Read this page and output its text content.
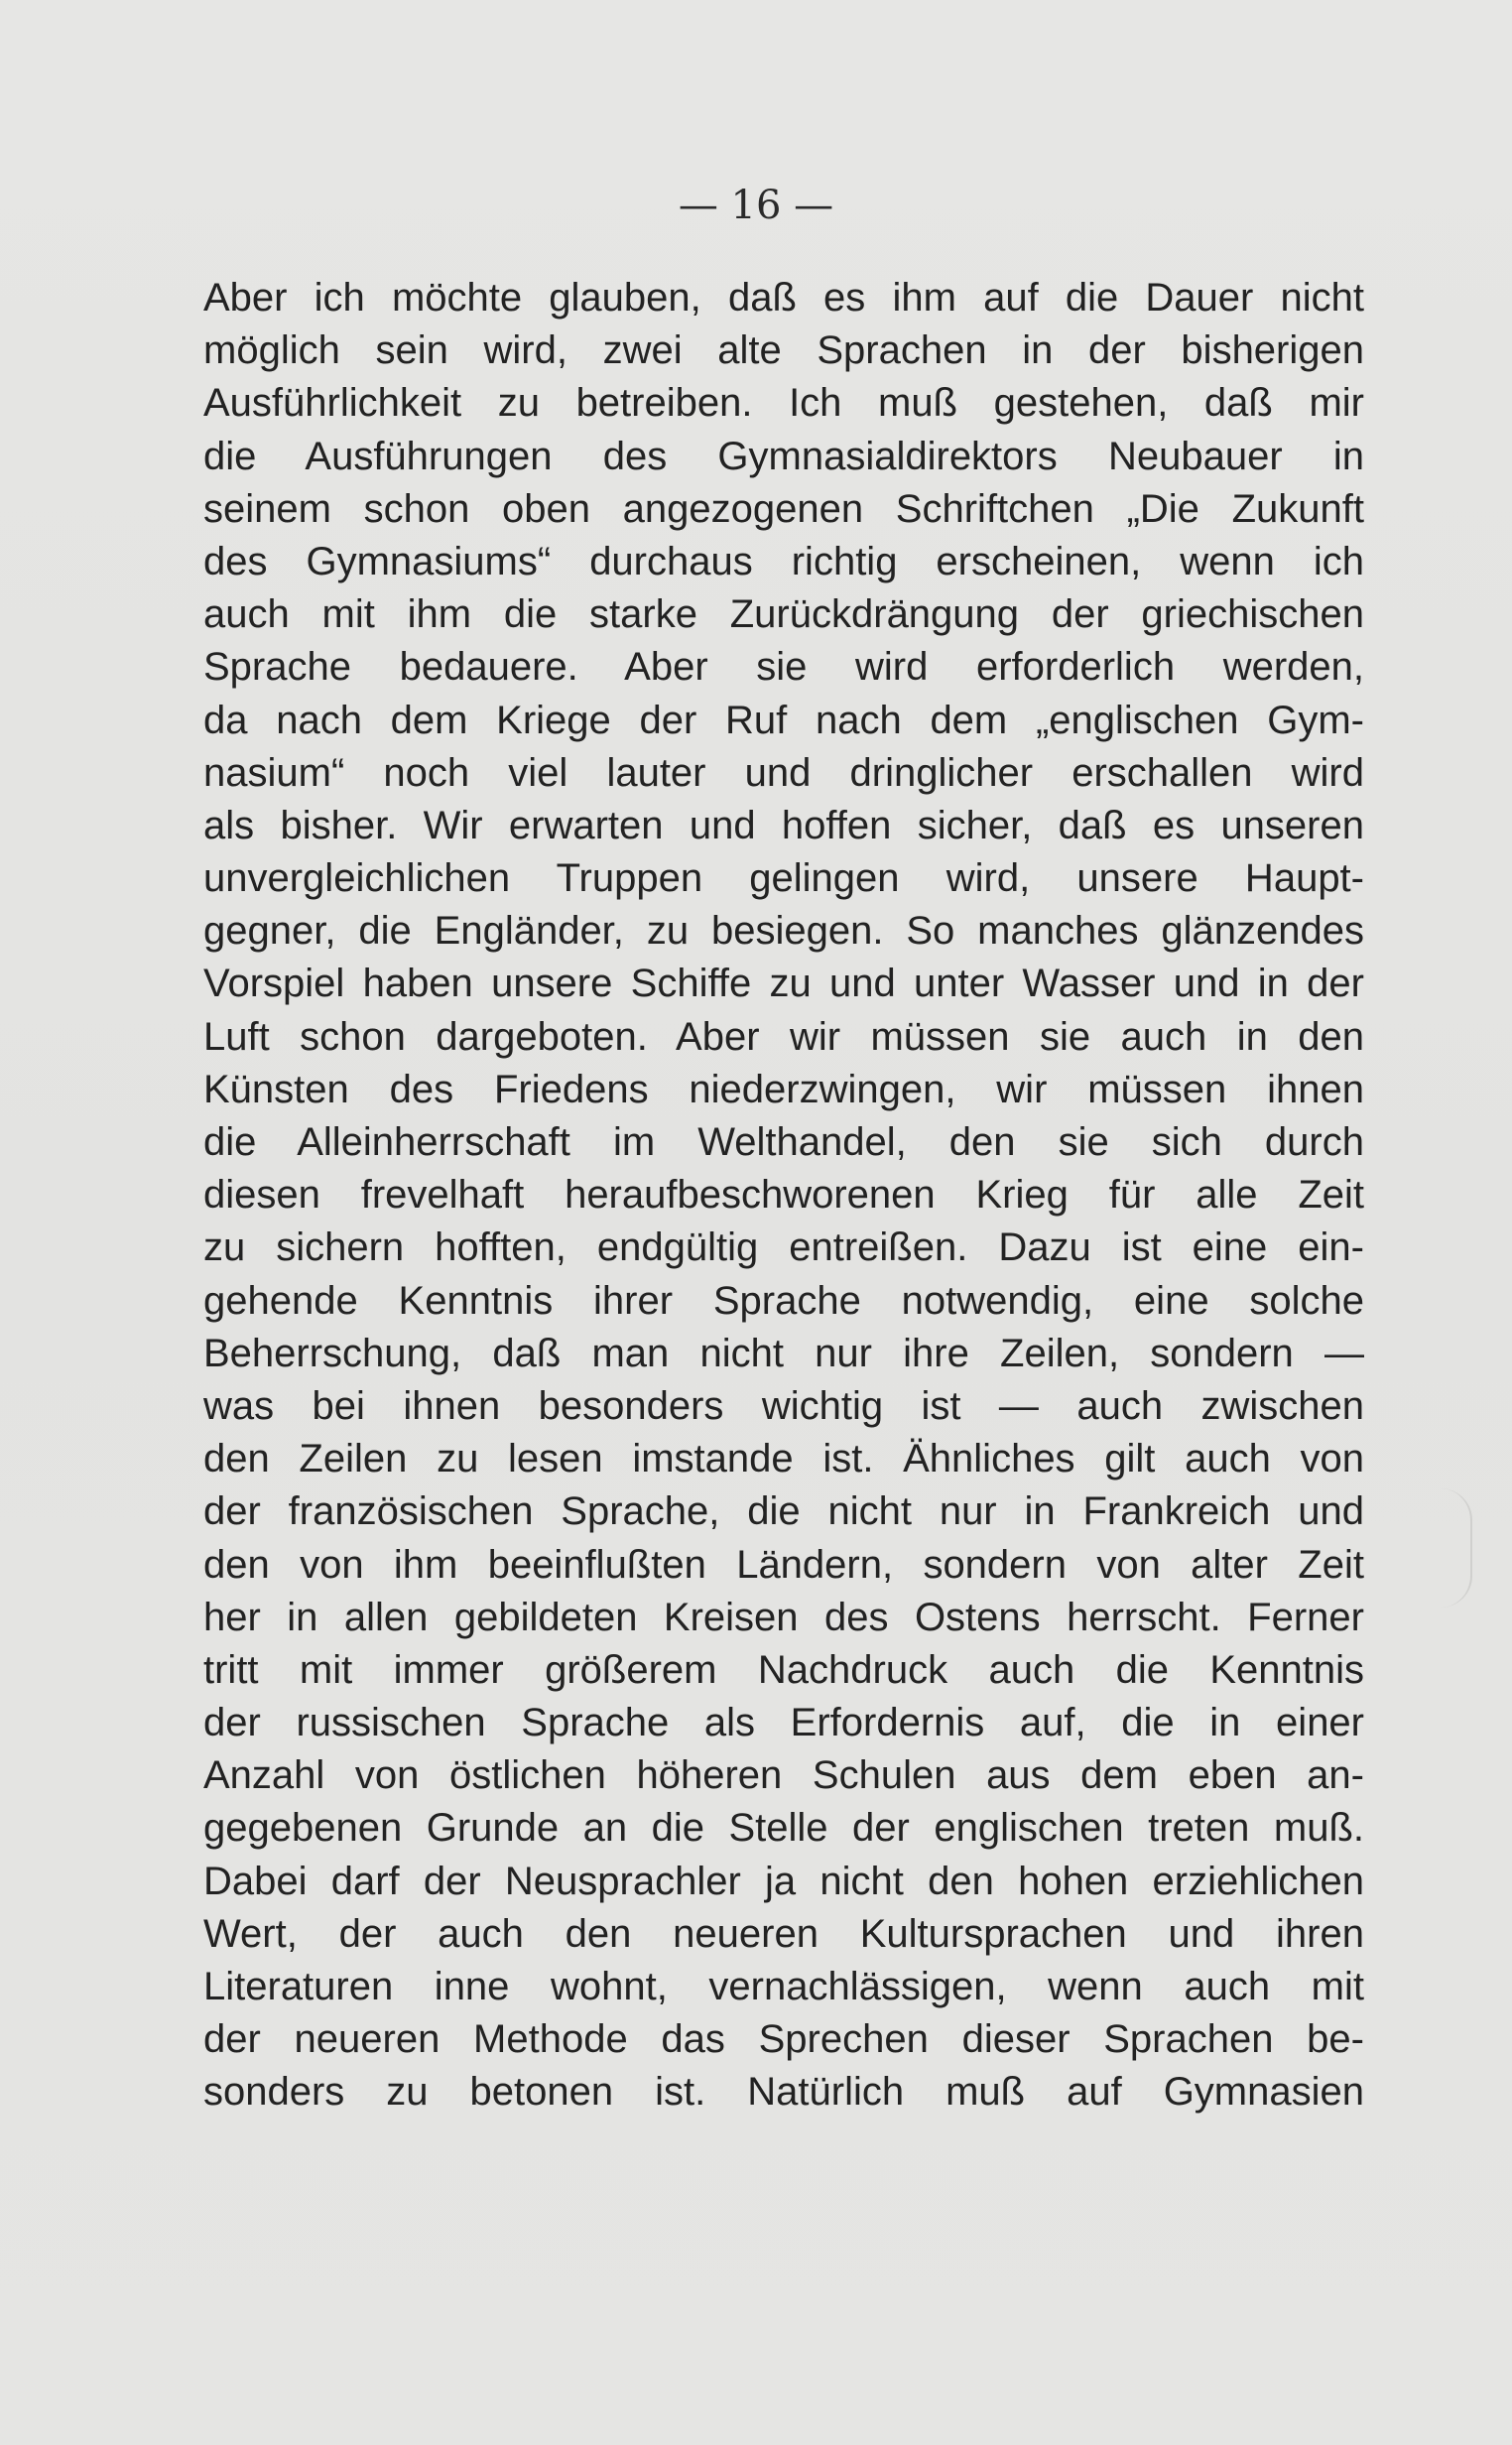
— 16 —
Aber ich möchte glauben, daß es ihm auf die Dauer nicht
möglich sein wird, zwei alte Sprachen in der bisherigen
Ausführlichkeit zu betreiben. Ich muß gestehen, daß mir
die Ausführungen des Gymnasialdirektors Neubauer in
seinem schon oben angezogenen Schriftchen „Die Zukunft
des Gymnasiums“ durchaus richtig erscheinen, wenn ich
auch mit ihm die starke Zurückdrängung der griechischen
Sprache bedauere. Aber sie wird erforderlich werden,
da nach dem Kriege der Ruf nach dem „englischen Gym-
nasium“ noch viel lauter und dringlicher erschallen wird
als bisher. Wir erwarten und hoffen sicher, daß es unseren
unvergleichlichen Truppen gelingen wird, unsere Haupt-
gegner, die Engländer, zu besiegen. So manches glänzendes
Vorspiel haben unsere Schiffe zu und unter Wasser und in der
Luft schon dargeboten. Aber wir müssen sie auch in den
Künsten des Friedens niederzwingen, wir müssen ihnen
die Alleinherrschaft im Welthandel, den sie sich durch
diesen frevelhaft heraufbeschworenen Krieg für alle Zeit
zu sichern hofften, endgültig entreißen. Dazu ist eine ein-
gehende Kenntnis ihrer Sprache notwendig, eine solche
Beherrschung, daß man nicht nur ihre Zeilen, sondern —
was bei ihnen besonders wichtig ist — auch zwischen
den Zeilen zu lesen imstande ist. Ähnliches gilt auch von
der französischen Sprache, die nicht nur in Frankreich und
den von ihm beeinflußten Ländern, sondern von alter Zeit
her in allen gebildeten Kreisen des Ostens herrscht. Ferner
tritt mit immer größerem Nachdruck auch die Kenntnis
der russischen Sprache als Erfordernis auf, die in einer
Anzahl von östlichen höheren Schulen aus dem eben an-
gegebenen Grunde an die Stelle der englischen treten muß.
Dabei darf der Neusprachler ja nicht den hohen erziehlichen
Wert, der auch den neueren Kultursprachen und ihren
Literaturen inne wohnt, vernachlässigen, wenn auch mit
der neueren Methode das Sprechen dieser Sprachen be-
sonders zu betonen ist. Natürlich muß auf Gymnasien
